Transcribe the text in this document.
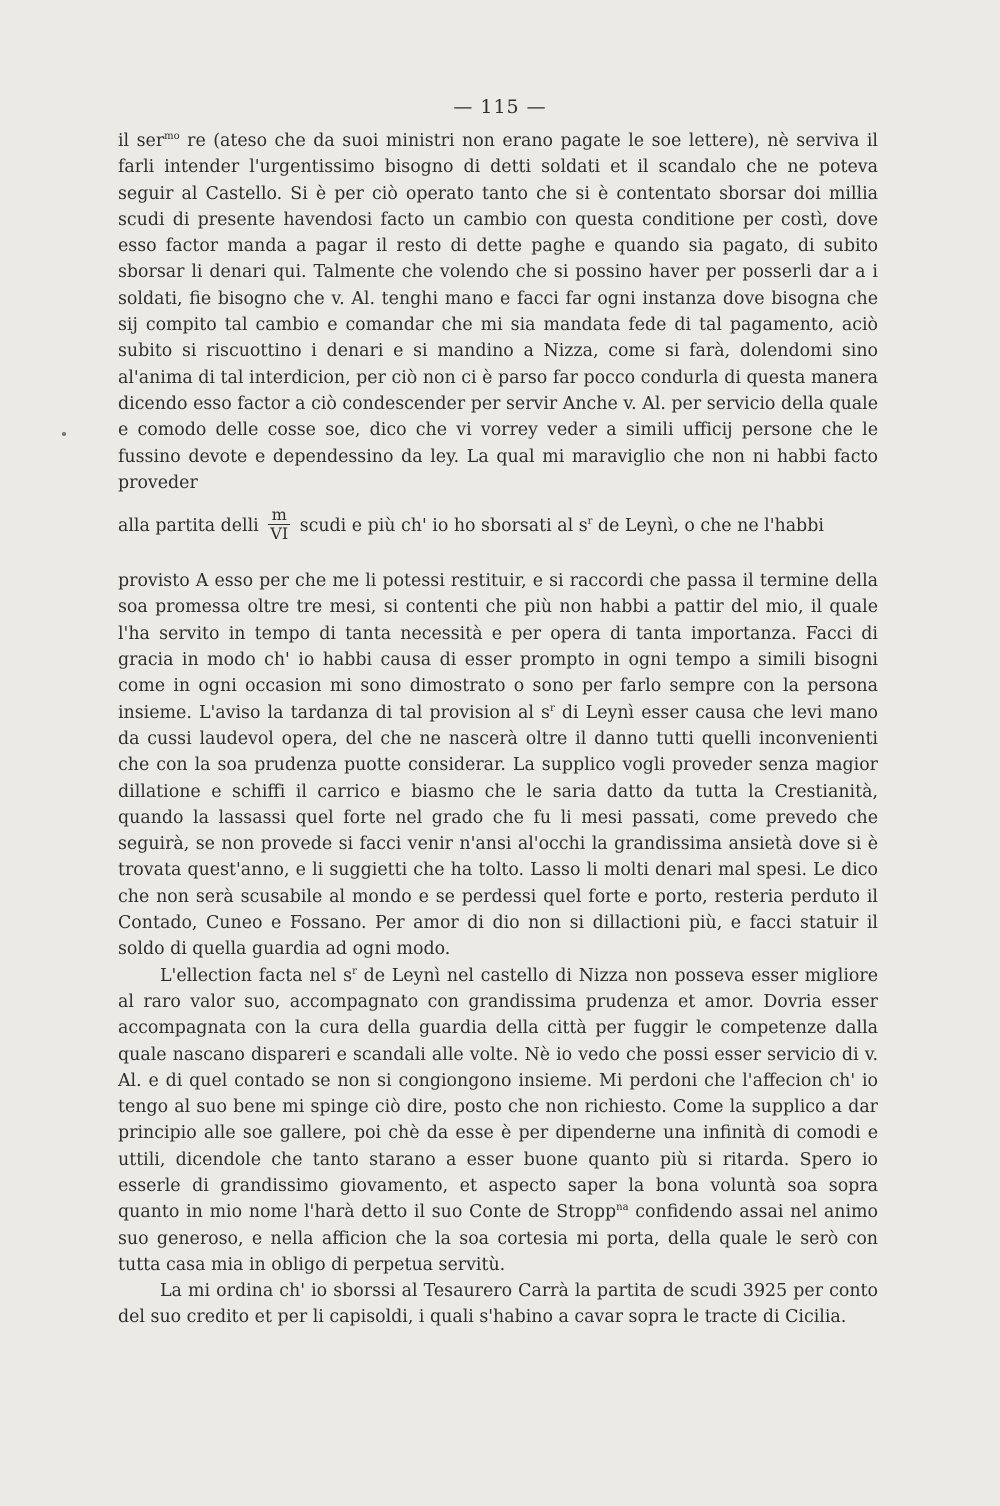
— 115 —

il ser$^{mo}$ re (ateso che da suoi ministri non erano pagate le soe lettere), nè serviva il farli intender l'urgentissimo bisogno di detti soldati et il scandalo che ne poteva seguir al Castello. Si è per ciò operato tanto che si è contentato sborsar doi millia scudi di presente havendosi facto un cambio con questa conditione per costì, dove esso factor manda a pagar il resto di dette paghe e quando sia pagato, di subito sborsar li denari qui. Talmente che volendo che si possino haver per posserli dar a i soldati, fie bisogno che v. Al. tenghi mano e facci far ogni instanza dove bisogna che sij compito tal cambio e comandar che mi sia mandata fede di tal pagamento, aciò subito si riscuottino i denari e si mandino a Nizza, come si farà, dolendomi sino al'anima di tal interdicion, per ciò non ci è parso far pocco condurla di questa manera dicendo esso factor a ciò condescender per servir Anche v. Al. per servicio della quale e comodo delle cosse soe, dico che vi vorrey veder a simili ufficij persone che le fussino devote e dependessino da ley. La qual mi maraviglio che non ni habbi facto proveder

alla partita delli $\frac{m}{VI}$ scudi e più ch' io ho sborsati al $s^r$ de Leynì, o che ne l'habbi

provisto A esso per che me li potessi restituir, e si raccordi che passa il termine della soa promessa oltre tre mesi, si contenti che più non habbi a pattir del mio, il quale l'ha servito in tempo di tanta necessità e per opera di tanta importanza. Facci di gracia in modo ch' io habbi causa di esser prompto in ogni tempo a simili bisogni come in ogni occasion mi sono dimostrato o sono per farlo sempre con la persona insieme. L'aviso la tardanza di tal provision al $s^r$ di Leynì esser causa che levi mano da cussi laudevol opera, del che ne nascerà oltre il danno tutti quelli inconvenienti che con la soa prudenza puotte considerar. La supplico vogli proveder senza magior dillatione e schiffi il carrico e biasmo che le saria datto da tutta la Crestianità, quando la lassassi quel forte nel grado che fu li mesi passati, come prevedo che seguirà, se non provede si facci venir n'ansi al'occhi la grandissima ansietà dove si è trovata quest'anno, e li suggietti che ha tolto. Lasso li molti denari mal spesi. Le dico che non serà scusabile al mondo e se perdessi quel forte e porto, resteria perduto il Contado, Cuneo e Fossano. Per amor di dio non si dillactioni più, e facci statuir il soldo di quella guardia ad ogni modo.

L'ellection facta nel $s^r$ de Leynì nel castello di Nizza non posseva esser migliore al raro valor suo, accompagnato con grandissima prudenza et amor. Dovria esser accompagnata con la cura della guardia della città per fuggir le competenze dalla quale nascano dispareri e scandali alle volte. Nè io vedo che possi esser servicio di v. Al. e di quel contado se non si congiongono insieme. Mi perdoni che l'affecion ch' io tengo al suo bene mi spinge ciò dire, posto che non richiesto. Come la supplico a dar principio alle soe gallere, poi chè da esse è per dipenderne una infinità di comodi e uttili, dicendole che tanto starano a esser buone quanto più si ritarda. Spero io esserle di grandissimo giovamento, et aspecto saper la bona voluntà soa sopra quanto in mio nome l'harà detto il suo Conte de Stropp$^{na}$ confidendo assai nel animo suo generoso, e nella afficion che la soa cortesia mi porta, della quale le serò con tutta casa mia in obligo di perpetua servitù.

La mi ordina ch' io sborssi al Tesaurero Carrà la partita de scudi 3925 per conto del suo credito et per li capisoldi, i quali s'habino a cavar sopra le tracte di Cicilia.
